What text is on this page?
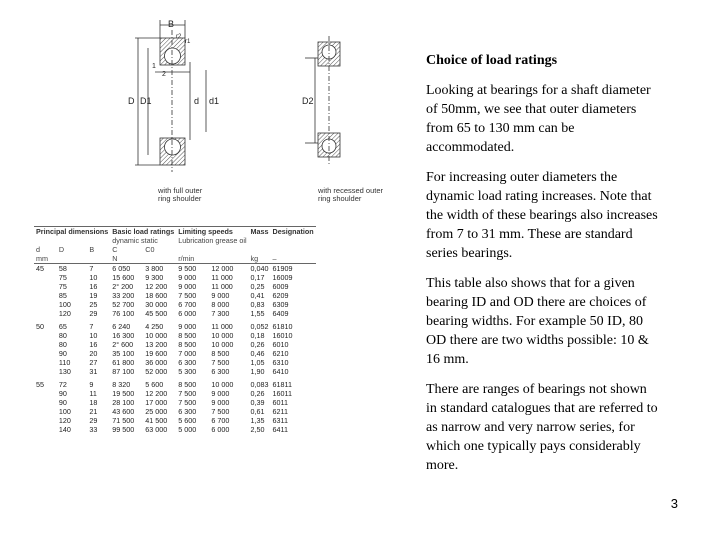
B
r2
r1
1
2
D D1	d d1	D2
with full outer
ring shoulder
with recessed outer
ring shoulder
Principal dimensions			Basic load ratings		Limiting speeds		Mass	Designation
			dynamic static		Lubrication grease oil			
d	D	B	C	C0				
mm			N		r/min		kg	–
45	58	7	6 050	3 800	9 500	12 000	0,040	61909
	75	10	15 600	9 300	9 000	11 000	0,17	16009
	75	16	2° 200	12 200	9 000	11 000	0,25	6009
	85	19	33 200	18 600	7 500	9 000	0,41	6209
	100	25	52 700	30 000	6 700	8 000	0,83	6309
	120	29	76 100	45 500	6 000	7 300	1,55	6409

50	65	7	6 240	4 250	9 000	11 000	0,052	61810
	80	10	16 300	10 000	8 500	10 000	0,18	16010
	80	16	2° 600	13 200	8 500	10 000	0,26	6010
	90	20	35 100	19 600	7 000	8 500	0,46	6210
	110	27	61 800	36 000	6 300	7 500	1,05	6310
	130	31	87 100	52 000	5 300	6 300	1,90	6410

55	72	9	8 320	5 600	8 500	10 000	0,083	61811
	90	11	19 500	12 200	7 500	9 000	0,26	16011
	90	18	28 100	17 000	7 500	9 000	0,39	6011
	100	21	43 600	25 000	6 300	7 500	0,61	6211
	120	29	71 500	41 500	5 600	6 700	1,35	6311
	140	33	99 500	63 000	5 000	6 000	2,50	6411
Choice of load ratings

Looking at bearings for a shaft diameter of 50mm, we see that outer diameters from 65 to 130 mm can be accommodated.

For increasing outer diameters the dynamic load rating increases. Note that the width of these bearings also increases from 7 to 31 mm. These are standard series bearings.

This table also shows that for a given bearing ID and OD there are choices of bearing widths. For example 50 ID, 80 OD there are two widths possible: 10 & 16 mm.

There are ranges of bearings not shown in standard catalogues that are referred to as narrow and very narrow series, for which one typically pays considerably more.

3
